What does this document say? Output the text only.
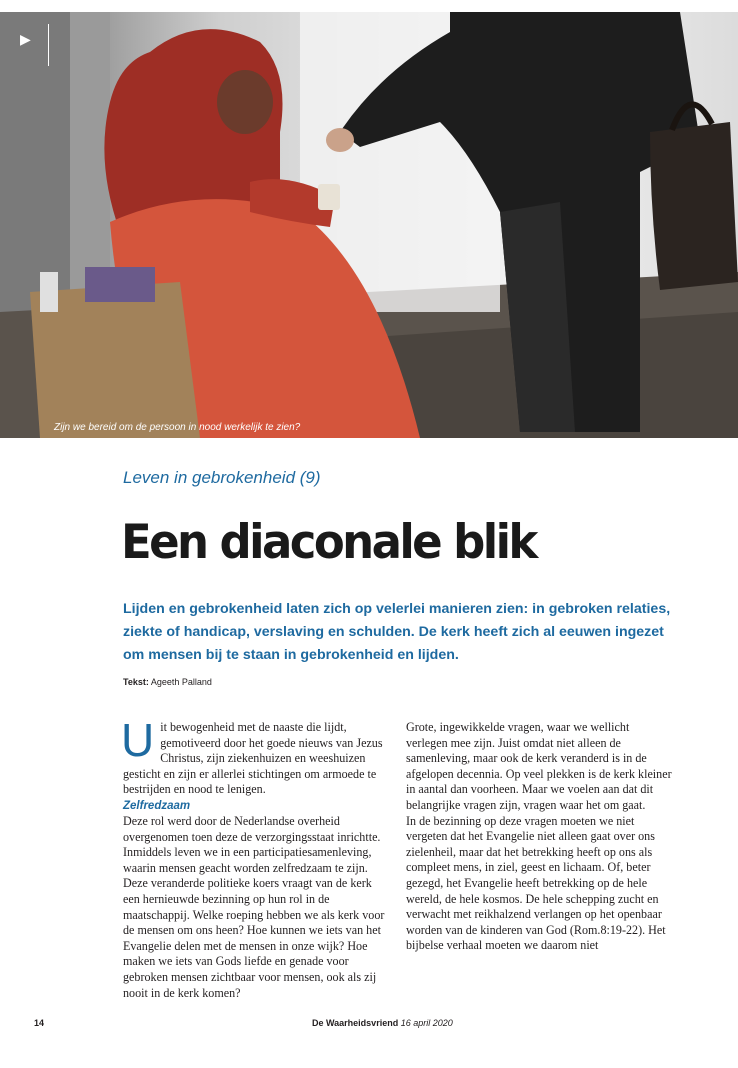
▶
Zijn we bereid om de persoon in nood werkelijk te zien?
Leven in gebrokenheid (9)
Een diaconale blik

Lijden en gebrokenheid laten zich op velerlei manieren zien: in gebroken relaties, ziekte of handicap, verslaving en schulden. De kerk heeft zich al eeuwen ingezet om mensen bij te staan in gebrokenheid en lijden.

Tekst: Ageeth Palland
U it bewogenheid met de naaste die lijdt, gemotiveerd door het goede nieuws van Jezus Christus, zijn ziekenhuizen en weeshuizen gesticht en zijn er allerlei stichtingen om armoede te bestrijden en nood te lenigen.

Zelfredzaam

Deze rol werd door de Nederlandse overheid overgenomen toen deze de verzorgingsstaat inrichtte. Inmiddels leven we in een participatiesamenleving, waarin mensen geacht worden zelfredzaam te zijn. Deze veranderde politieke koers vraagt van de kerk een hernieuwde bezinning op hun rol in de maatschappij. Welke roeping hebben we als kerk voor de mensen om ons heen? Hoe kunnen we iets van het Evangelie delen met de mensen in onze wijk? Hoe maken we iets van Gods liefde en genade voor gebroken mensen zichtbaar voor mensen, ook als zij nooit in de kerk komen?

Grote, ingewikkelde vragen, waar we wellicht verlegen mee zijn. Juist omdat niet alleen de samenleving, maar ook de kerk veranderd is in de afgelopen decennia. Op veel plekken is de kerk kleiner in aantal dan voorheen. Maar we voelen aan dat dit belangrijke vragen zijn, vragen waar het om gaat.

In de bezinning op deze vragen moeten we niet vergeten dat het Evangelie niet alleen gaat over ons zielenheil, maar dat het betrekking heeft op ons als compleet mens, in ziel, geest en lichaam. Of, beter gezegd, het Evangelie heeft betrekking op de hele wereld, de hele kosmos. De hele schepping zucht en verwacht met reikhalzend verlangen op het openbaar worden van de kinderen van God (Rom.8:19-22). Het bijbelse verhaal moeten we daarom niet

14	De Waarheidsvriend 16 april 2020
